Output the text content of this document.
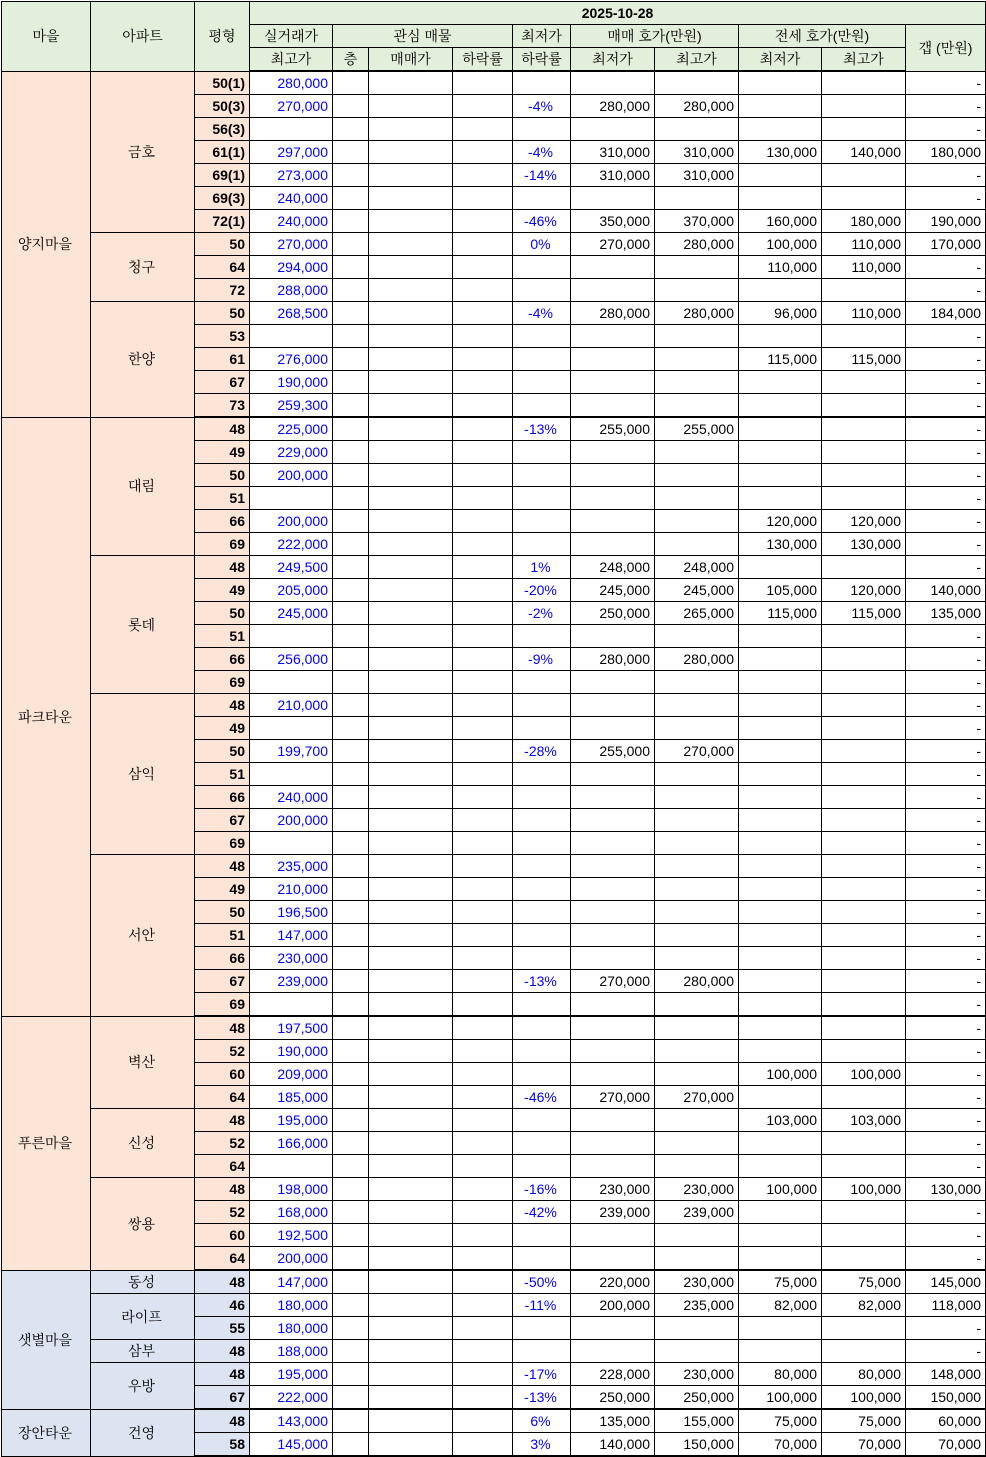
마을	아파트	평형	2025-10-28									
			실거래가	관심 매물			최저가	매매 호가(만원)		전세 호가(만원)		갭 (만원)
			최고가	층	매매가	하락률	하락률	최저가	최고가	최저가	최고가	
양지마을	금호	50(1)	280,000									-
		50(3)	270,000				-4%	280,000	280,000			-
		56(3)										-
		61(1)	297,000				-4%	310,000	310,000	130,000	140,000	180,000
		69(1)	273,000				-14%	310,000	310,000			-
		69(3)	240,000									-
		72(1)	240,000				-46%	350,000	370,000	160,000	180,000	190,000
	청구	50	270,000				0%	270,000	280,000	100,000	110,000	170,000
		64	294,000							110,000	110,000	-
		72	288,000									-
	한양	50	268,500				-4%	280,000	280,000	96,000	110,000	184,000
		53										-
		61	276,000							115,000	115,000	-
		67	190,000									-
		73	259,300									-
파크타운	대림	48	225,000				-13%	255,000	255,000			-
		49	229,000									-
		50	200,000									-
		51										-
		66	200,000							120,000	120,000	-
		69	222,000							130,000	130,000	-
	롯데	48	249,500				1%	248,000	248,000			-
		49	205,000				-20%	245,000	245,000	105,000	120,000	140,000
		50	245,000				-2%	250,000	265,000	115,000	115,000	135,000
		51										-
		66	256,000				-9%	280,000	280,000			-
		69										-
	삼익	48	210,000									-
		49										-
		50	199,700				-28%	255,000	270,000			-
		51										-
		66	240,000									-
		67	200,000									-
		69										-
	서안	48	235,000									-
		49	210,000									-
		50	196,500									-
		51	147,000									-
		66	230,000									-
		67	239,000				-13%	270,000	280,000			-
		69										-
푸른마을	벽산	48	197,500									-
		52	190,000									-
		60	209,000							100,000	100,000	-
		64	185,000				-46%	270,000	270,000			-
	신성	48	195,000							103,000	103,000	-
		52	166,000									-
		64										-
	쌍용	48	198,000				-16%	230,000	230,000	100,000	100,000	130,000
		52	168,000				-42%	239,000	239,000			-
		60	192,500									-
		64	200,000									-
샛별마을	동성	48	147,000				-50%	220,000	230,000	75,000	75,000	145,000
	라이프	46	180,000				-11%	200,000	235,000	82,000	82,000	118,000
		55	180,000									-
	삼부	48	188,000									-
	우방	48	195,000				-17%	228,000	230,000	80,000	80,000	148,000
		67	222,000				-13%	250,000	250,000	100,000	100,000	150,000
장안타운	건영	48	143,000				6%	135,000	155,000	75,000	75,000	60,000
		58	145,000				3%	140,000	150,000	70,000	70,000	70,000
